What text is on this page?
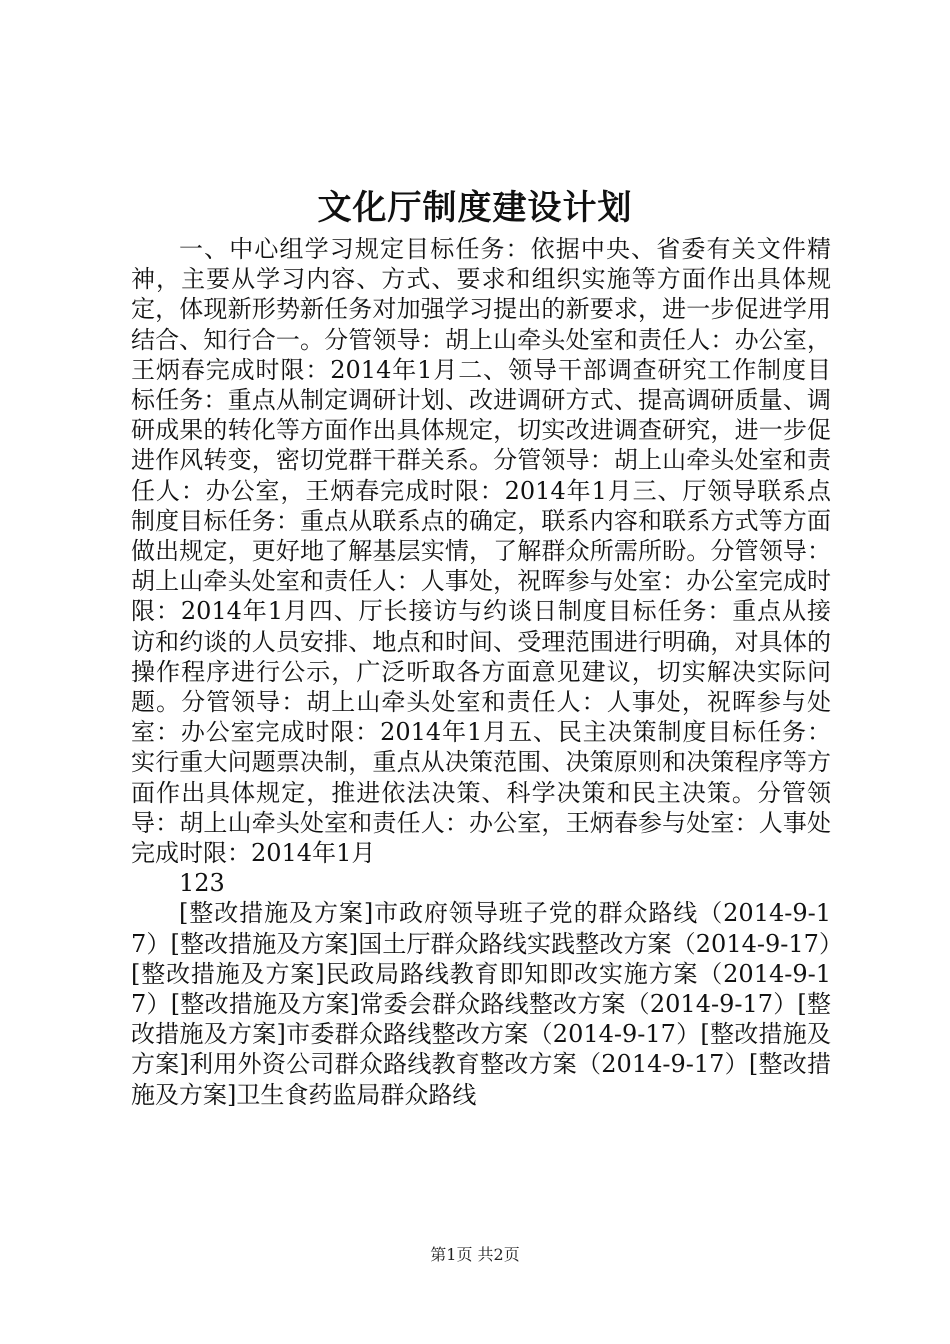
文化厅制度建设计划

一、中心组学习规定目标任务：依据中央、省委有关文件精神，主要从学习内容、方式、要求和组织实施等方面作出具体规定，体现新形势新任务对加强学习提出的新要求，进一步促进学用结合、知行合一。分管领导：胡上山牵头处室和责任人：办公室，王炳春完成时限：2014年1月二、领导干部调查研究工作制度目标任务：重点从制定调研计划、改进调研方式、提高调研质量、调研成果的转化等方面作出具体规定，切实改进调查研究，进一步促进作风转变，密切党群干群关系。分管领导：胡上山牵头处室和责任人：办公室，王炳春完成时限：2014年1月三、厅领导联系点制度目标任务：重点从联系点的确定，联系内容和联系方式等方面做出规定，更好地了解基层实情，了解群众所需所盼。分管领导：胡上山牵头处室和责任人：人事处，祝晖参与处室：办公室完成时限：2014年1月四、厅长接访与约谈日制度目标任务：重点从接访和约谈的人员安排、地点和时间、受理范围进行明确，对具体的操作程序进行公示，广泛听取各方面意见建议，切实解决实际问题。分管领导：胡上山牵头处室和责任人：人事处，祝晖参与处室：办公室完成时限：2014年1月五、民主决策制度目标任务：实行重大问题票决制，重点从决策范围、决策原则和决策程序等方面作出具体规定，推进依法决策、科学决策和民主决策。分管领导：胡上山牵头处室和责任人：办公室，王炳春参与处室：人事处完成时限：2014年1月

123

[整改措施及方案]市政府领导班子党的群众路线（2014-9-17）[整改措施及方案]国土厅群众路线实践整改方案（2014-9-17）[整改措施及方案]民政局路线教育即知即改实施方案（2014-9-17）[整改措施及方案]常委会群众路线整改方案（2014-9-17）[整改措施及方案]市委群众路线整改方案（2014-9-17）[整改措施及方案]利用外资公司群众路线教育整改方案（2014-9-17）[整改措施及方案]卫生食药监局群众路线

第1页 共2页
